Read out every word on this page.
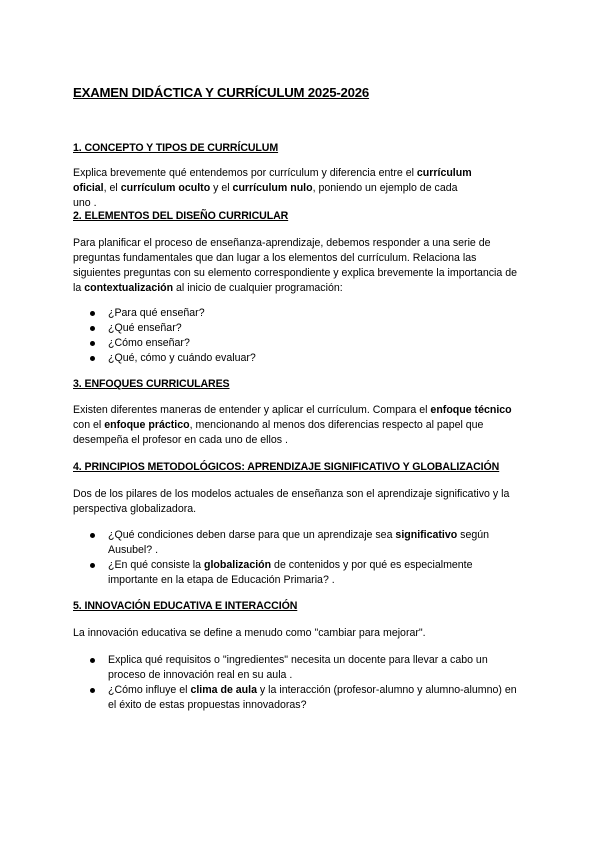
EXAMEN DIDÁCTICA Y CURRÍCULUM 2025-2026
1. CONCEPTO Y TIPOS DE CURRÍCULUM
Explica brevemente qué entendemos por currículum y diferencia entre el currículum oficial, el currículum oculto y el currículum nulo, poniendo un ejemplo de cada uno .
2. ELEMENTOS DEL DISEÑO CURRICULAR
Para planificar el proceso de enseñanza-aprendizaje, debemos responder a una serie de preguntas fundamentales que dan lugar a los elementos del currículum. Relaciona las siguientes preguntas con su elemento correspondiente y explica brevemente la importancia de la contextualización al inicio de cualquier programación:
¿Para qué enseñar?
¿Qué enseñar?
¿Cómo enseñar?
¿Qué, cómo y cuándo evaluar?
3. ENFOQUES CURRICULARES
Existen diferentes maneras de entender y aplicar el currículum. Compara el enfoque técnico con el enfoque práctico, mencionando al menos dos diferencias respecto al papel que desempeña el profesor en cada uno de ellos .
4. PRINCIPIOS METODOLÓGICOS: APRENDIZAJE SIGNIFICATIVO Y GLOBALIZACIÓN
Dos de los pilares de los modelos actuales de enseñanza son el aprendizaje significativo y la perspectiva globalizadora.
¿Qué condiciones deben darse para que un aprendizaje sea significativo según Ausubel? .
¿En qué consiste la globalización de contenidos y por qué es especialmente importante en la etapa de Educación Primaria? .
5. INNOVACIÓN EDUCATIVA E INTERACCIÓN
La innovación educativa se define a menudo como "cambiar para mejorar".
Explica qué requisitos o "ingredientes" necesita un docente para llevar a cabo un proceso de innovación real en su aula .
¿Cómo influye el clima de aula y la interacción (profesor-alumno y alumno-alumno) en el éxito de estas propuestas innovadoras?
